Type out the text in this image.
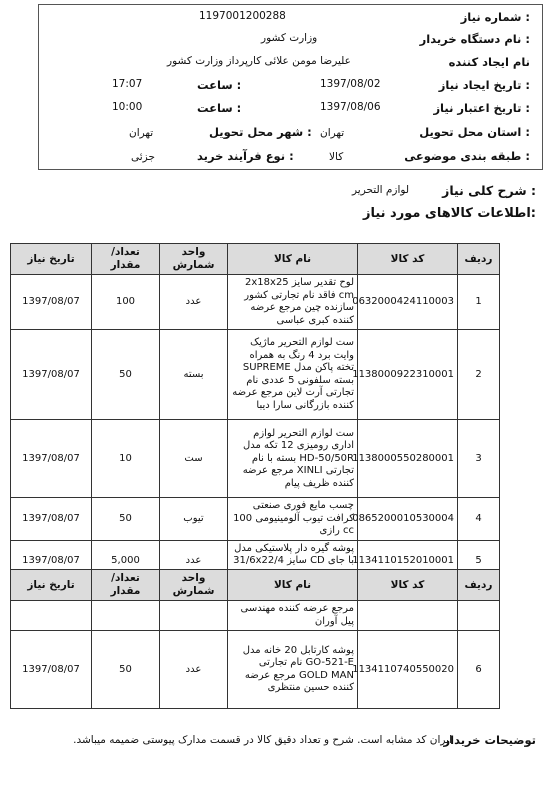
شماره نیاز :
1197001200288
نام دستگاه خریدار :
وزارت کشور
نام ایجاد کننده
علیرضا مومن علائی کارپرداز وزارت کشور
تاریخ ایجاد نیاز :
1397/08/02
ساعت :
17:07
تاریخ اعتبار نیاز :
1397/08/06
ساعت :
10:00
استان محل تحویل :
تهران
شهر محل تحویل :
تهران
طبقه بندی موضوعی :
کالا
نوع فرآیند خرید :
جزئی
شرح کلی نیاز :
لوازم التحریر
اطلاعات کالاهای مورد نیاز:
ردیف	کد کالا	نام کالا	واحد شمارش	تعداد/ مقدار	تاریخ نیاز
1	0632000424110003	لوح تقدیر سایز 2x18x25 cm فاقد نام تجارتی کشور سازنده چین مرجع عرضه کننده کبری عباسی	عدد	100	1397/08/07
2	1138000922310001	ست لوازم التحریر ماژیک وایت برد 4 رنگ به همراه تخته پاکن مدل SUPREME بسته سلفونی 5 عددی نام تجارتی آرت لاین مرجع عرضه کننده بازرگانی سارا دیبا	بسته	50	1397/08/07
3	1138000550280001	ست لوازم التحریر لوازم اداری رومیزی 12 تکه مدل HD-50/50R بسته با نام تجارتی XINLI مرجع عرضه کننده ظریف پیام	ست	10	1397/08/07
4	0865200010530004	چسب مایع فوری صنعتی کرافت تیوب آلومینیومی 100 cc رازی	تیوب	50	1397/08/07
5	1134110152010001	پوشه گیره دار پلاستیکی مدل با جای CD سایز 31/6x22/4	عدد	5,000	1397/08/07
ردیف	کد کالا	نام کالا	واحد شمارش	تعداد/ مقدار	تاریخ نیاز
		مرجع عرضه کننده مهندسی پیل آوران			
6	1134110740550020	پوشه کارتابل 20 خانه مدل GO-521-E نام تجارتی GOLD MAN مرجع عرضه کننده حسین منتظری	عدد	50	1397/08/07
توضیحات خریدار
ایران کد مشابه است. شرح و تعداد دقیق کالا در قسمت مدارک پیوستی ضمیمه میباشد.
